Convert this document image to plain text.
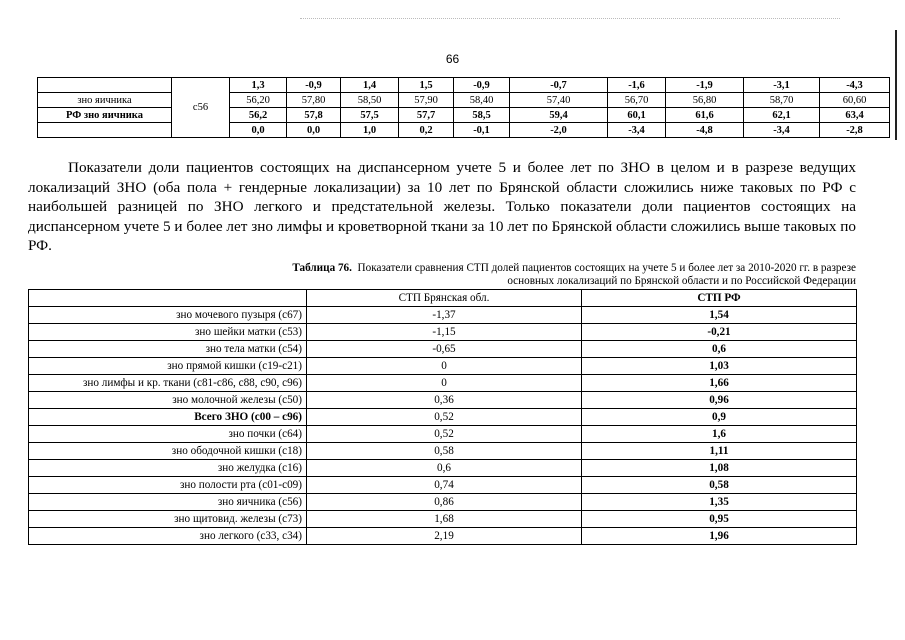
66
	с56	1,3	-0,9	1,4	1,5	-0,9	-0,7	-1,6	-1,9	-3,1	-4,3
зно яичника		56,20	57,80	58,50	57,90	58,40	57,40	56,70	56,80	58,70	60,60
РФ зно яичника		56,2	57,8	57,5	57,7	58,5	59,4	60,1	61,6	62,1	63,4
		0,0	0,0	1,0	0,2	-0,1	-2,0	-3,4	-4,8	-3,4	-2,8

Показатели доли пациентов состоящих на диспансерном учете 5 и более лет по ЗНО в целом и в разрезе ведущих локализаций ЗНО (оба пола + гендерные локализации) за 10 лет по Брянской области сложились ниже таковых по РФ с наибольшей разницей по ЗНО легкого и предстательной железы. Только показатели доли пациентов состоящих на диспансерном учете 5 и более лет зно лимфы и кроветворной ткани за 10 лет по Брянской области сложились выше таковых по РФ.

Таблица 76. Показатели сравнения СТП долей пациентов состоящих на учете 5 и более лет за 2010-2020 гг. в разрезе основных локализаций по Брянской области и по Российской Федерации
	СТП Брянская обл.	СТП РФ
зно мочевого пузыря (с67)	-1,37	1,54
зно шейки матки (с53)	-1,15	-0,21
зно тела матки (с54)	-0,65	0,6
зно прямой кишки (с19-с21)	0	1,03
зно лимфы и кр. ткани (с81-с86, с88, с90, с96)	0	1,66
зно молочной железы (с50)	0,36	0,96
Всего ЗНО (с00 – с96)	0,52	0,9
зно почки (с64)	0,52	1,6
зно ободочной кишки (с18)	0,58	1,11
зно желудка (с16)	0,6	1,08
зно полости рта (с01-с09)	0,74	0,58
зно яичника (с56)	0,86	1,35
зно щитовид. железы (с73)	1,68	0,95
зно легкого (с33, с34)	2,19	1,96
